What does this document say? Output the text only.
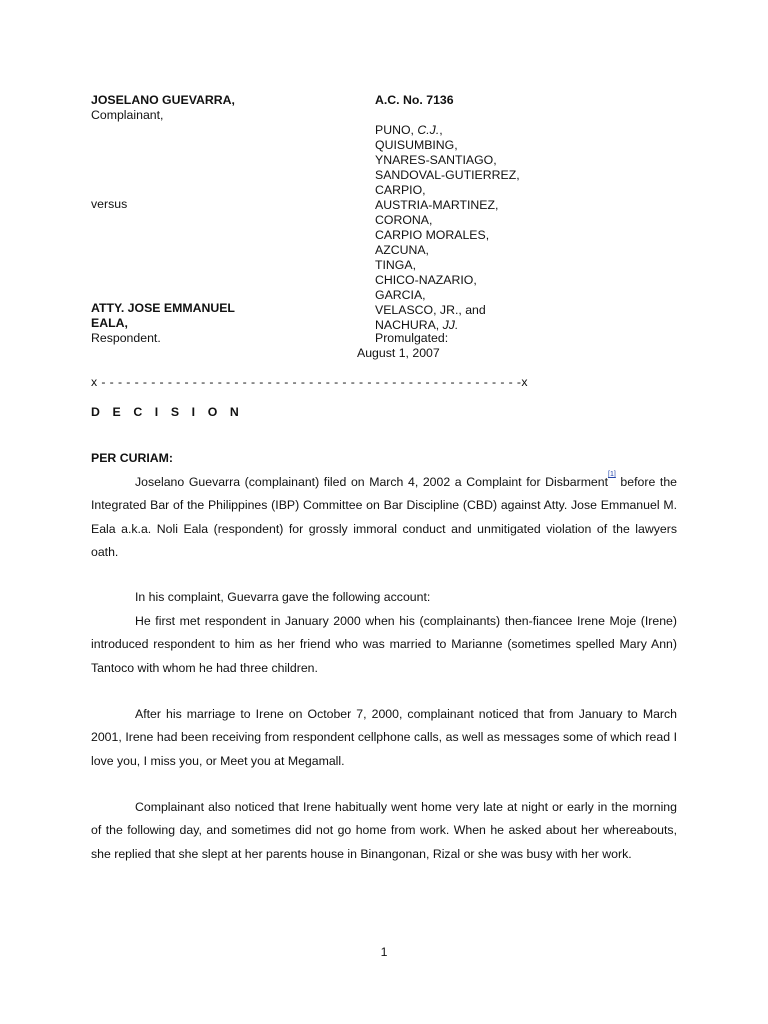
JOSELANO GUEVARRA,
Complainant,
versus
ATTY. JOSE EMMANUEL
EALA,
Respondent.
A.C. No. 7136
PUNO, C.J.,
QUISUMBING,
YNARES-SANTIAGO,
SANDOVAL-GUTIERREZ,
CARPIO,
AUSTRIA-MARTINEZ,
CORONA,
CARPIO MORALES,
AZCUNA,
TINGA,
CHICO-NAZARIO,
GARCIA,
VELASCO, JR., and
NACHURA, JJ.
Promulgated:
August 1, 2007
x - - - - - - - - - - - - - - - - - - - - - - - - - - - - - - - - - - - - - - - - - - - - - - - - - - -x
D E C I S I O N
PER CURIAM:
Joselano Guevarra (complainant) filed on March 4, 2002 a Complaint for Disbarment[1] before the Integrated Bar of the Philippines (IBP) Committee on Bar Discipline (CBD) against Atty. Jose Emmanuel M. Eala a.k.a. Noli Eala (respondent) for grossly immoral conduct and unmitigated violation of the lawyers oath.
In his complaint, Guevarra gave the following account:
He first met respondent in January 2000 when his (complainants) then-fiancee Irene Moje (Irene) introduced respondent to him as her friend who was married to Marianne (sometimes spelled Mary Ann) Tantoco with whom he had three children.
After his marriage to Irene on October 7, 2000, complainant noticed that from January to March 2001, Irene had been receiving from respondent cellphone calls, as well as messages some of which read I love you, I miss you, or Meet you at Megamall.
Complainant also noticed that Irene habitually went home very late at night or early in the morning of the following day, and sometimes did not go home from work. When he asked about her whereabouts, she replied that she slept at her parents house in Binangonan, Rizal or she was busy with her work.
1
